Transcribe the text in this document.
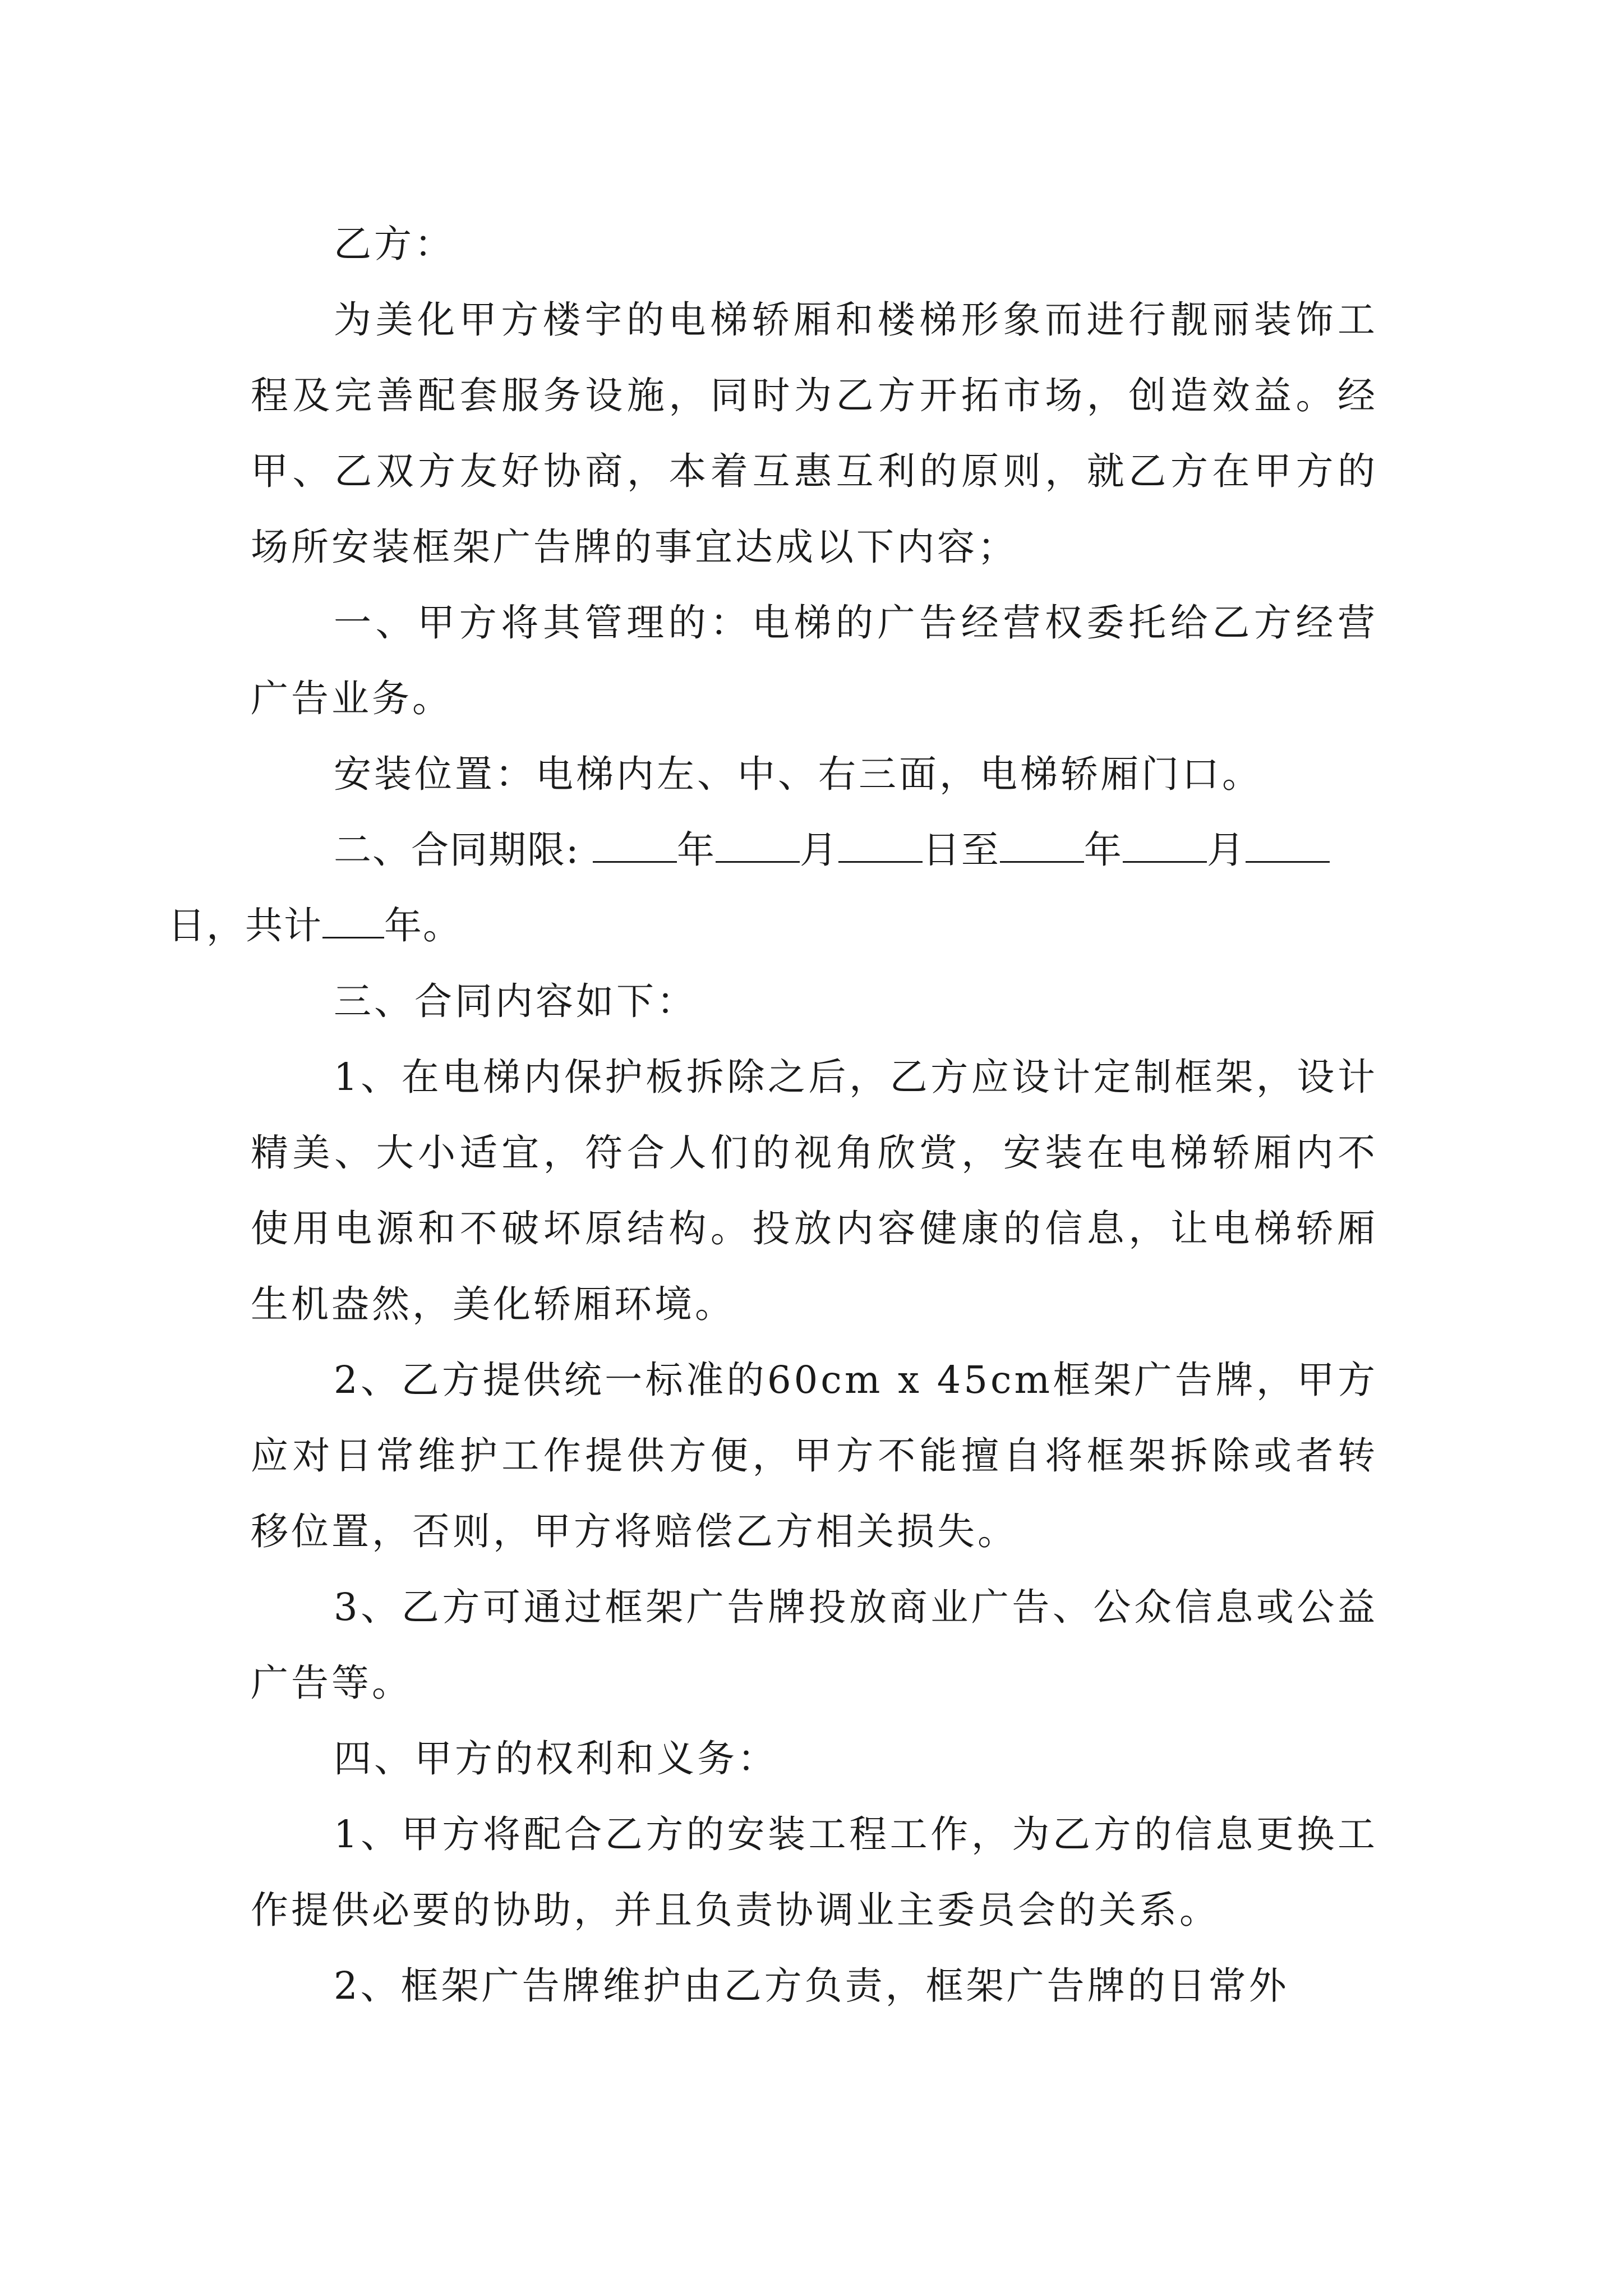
乙方：

为美化甲方楼宇的电梯轿厢和楼梯形象而进行靓丽装饰工程及完善配套服务设施，同时为乙方开拓市场，创造效益。经甲、乙双方友好协商，本着互惠互利的原则，就乙方在甲方的场所安装框架广告牌的事宜达成以下内容；

一、甲方将其管理的：电梯的广告经营权委托给乙方经营广告业务。

安装位置：电梯内左、中、右三面，电梯轿厢门口。

二、合同期限:	年 月 日至 年 月
日，共计 年。

三、合同内容如下：

1、在电梯内保护板拆除之后，乙方应设计定制框架，设计精美、大小适宜，符合人们的视角欣赏，安装在电梯轿厢内不使用电源和不破坏原结构。投放内容健康的信息，让电梯轿厢生机盎然，美化轿厢环境。

2、乙方提供统一标准的60cm x 45cm框架广告牌，甲方应对日常维护工作提供方便，甲方不能擅自将框架拆除或者转移位置，否则，甲方将赔偿乙方相关损失。

3、乙方可通过框架广告牌投放商业广告、公众信息或公益广告等。

四、甲方的权利和义务：

1、甲方将配合乙方的安装工程工作，为乙方的信息更换工作提供必要的协助，并且负责协调业主委员会的关系。

2、框架广告牌维护由乙方负责，框架广告牌的日常外
